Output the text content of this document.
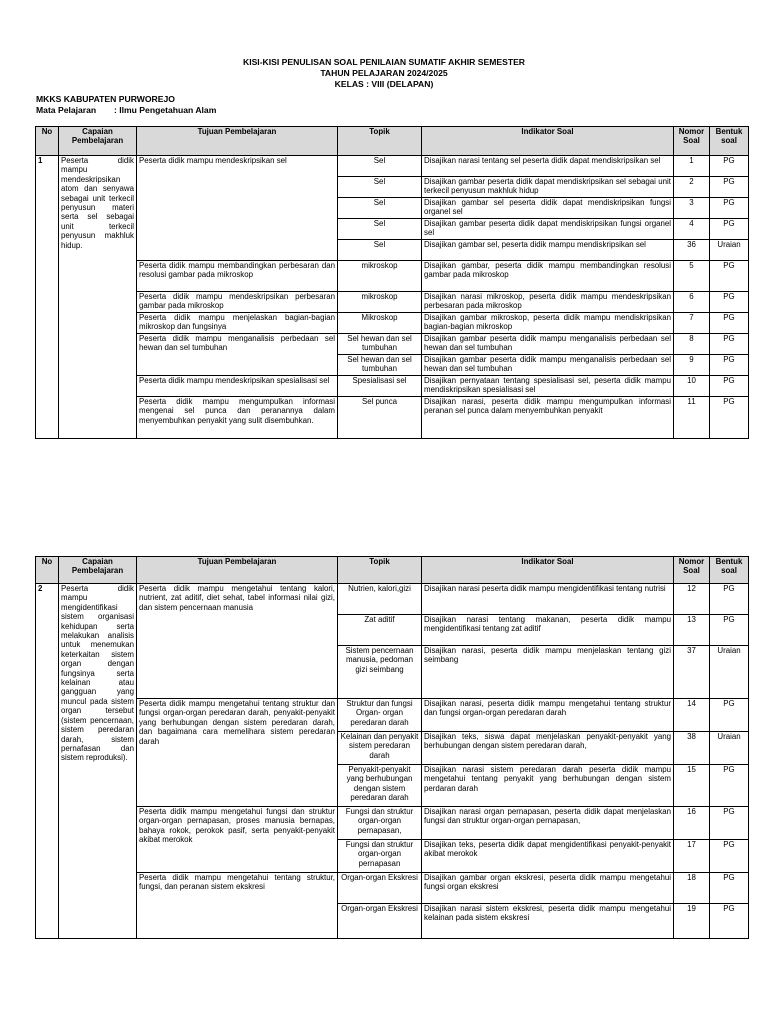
KISI-KISI PENULISAN SOAL PENILAIAN SUMATIF AKHIR SEMESTER
TAHUN PELAJARAN 2024/2025
KELAS : VIII (DELAPAN)
MKKS KABUPATEN PURWOREJO
Mata Pelajaran : Ilmu Pengetahuan Alam
No	Capaian Pembelajaran	Tujuan Pembelajaran	Topik	Indikator Soal	Nomor Soal	Bentuk soal
1	Peserta didik mampu mendeskripsikan atom dan senyawa sebagai unit terkecil penyusun materi serta sel sebagai unit terkecil penyusun makhluk hidup.	Peserta didik mampu mendeskripsikan sel	Sel	Disajikan narasi tentang sel peserta didik dapat mendiskripsikan sel	1	PG
			Sel	Disajikan gambar peserta didik dapat mendiskripsikan sel sebagai unit terkecil penyusun makhluk hidup	2	PG
			Sel	Disajikan gambar sel peserta didik dapat mendiskripsikan fungsi organel sel	3	PG
			Sel	Disajikan gambar peserta didik dapat mendiskripsikan fungsi organel sel	4	PG
			Sel	Disajikan gambar sel, peserta didik mampu mendiskripsikan sel	36	Uraian
		Peserta didik mampu membandingkan perbesaran dan resolusi gambar pada mikroskop	mikroskop	Disajikan gambar, peserta didik mampu membandingkan resolusi gambar pada mikroskop	5	PG
		Peserta didik mampu mendeskripsikan perbesaran gambar pada mikroskop	mikroskop	Disajikan narasi mikroskop, peserta didik mampu mendeskripsikan perbesaran pada mikroskop	6	PG
		Peserta didik mampu menjelaskan bagian-bagian mikroskop dan fungsinya	Mikroskop	Disajikan gambar mikroskop, peserta didik mampu mendiskripsikan bagian-bagian mikroskop	7	PG
		Peserta didik mampu menganalisis perbedaan sel hewan dan sel tumbuhan	Sel hewan dan sel tumbuhan	Disajikan gambar peserta didik mampu menganalisis perbedaan sel hewan dan sel tumbuhan	8	PG
			Sel hewan dan sel tumbuhan	Disajikan gambar peserta didik mampu menganalisis perbedaan sel hewan dan sel tumbuhan	9	PG
		Peserta didik mampu mendeskripsikan spesialisasi sel	Spesialisasi sel	Disajikan pernyataan tentang spesialisasi sel, peserta didik mampu mendiskripsikan spesialisasi sel	10	PG
		Peserta didik mampu mengumpulkan informasi mengenai sel punca dan peranannya dalam menyembuhkan penyakit yang sulit disembuhkan.	Sel punca	Disajikan narasi, peserta didik mampu mengumpulkan informasi peranan sel punca dalam menyembuhkan penyakit	11	PG
No	Capaian Pembelajaran	Tujuan Pembelajaran	Topik	Indikator Soal	Nomor Soal	Bentuk soal
2	Peserta didik mampu mengidentifikasi sistem organisasi kehidupan serta melakukan analisis untuk menemukan keterkaitan sistem organ dengan fungsinya serta kelainan atau gangguan yang muncul pada sistem organ tersebut (sistem pencernaan, sistem peredaran darah, sistem pernafasan dan sistem reproduksi).	Peserta didik mampu mengetahui tentang kalori, nutrient, zat aditif, diet sehat, tabel informasi nilai gizi, dan sistem pencernaan manusia	Nutrien, kalori,gizi	Disajikan narasi peserta didik mampu mengidentifikasi tentang nutrisi	12	PG
			Zat aditif	Disajikan narasi tentang makanan, peserta didik mampu mengidentifikasi tentang zat aditif	13	PG
			Sistem pencernaan manusia, pedoman gizi seimbang	Disajikan narasi, peserta didik mampu menjelaskan tentang gizi seimbang	37	Uraian
		Peserta didik mampu mengetahui tentang struktur dan fungsi organ-organ peredaran darah, penyakit-penyakit yang berhubungan dengan sistem peredaran darah, dan bagaimana cara memelihara sistem peredaran darah	Struktur dan fungsi Organ- organ peredaran darah	Disajikan narasi, peserta didik mampu mengetahui tentang struktur dan fungsi organ-organ peredaran darah	14	PG
			Kelainan dan penyakit sistem peredaran darah	Disajikan teks, siswa dapat menjelaskan penyakit-penyakit yang berhubungan dengan sistem peredaran darah,	38	Uraian
			Penyakit-penyakit yang berhubungan dengan sistem peredaran darah	Disajikan narasi sistem peredaran darah peserta didik mampu mengetahui tentang penyakit yang berhubungan dengan sistem perdaran darah	15	PG
		Peserta didik mampu mengetahui fungsi dan struktur organ-organ pernapasan, proses manusia bernapas, bahaya rokok, perokok pasif, serta penyakit-penyakit akibat merokok	Fungsi dan struktur organ-organ pernapasan,	Disajikan narasi organ pernapasan, peserta didik dapat menjelaskan fungsi dan struktur organ-organ pernapasan,	16	PG
			Fungsi dan struktur organ-organ pernapasan	Disajikan teks, peserta didik dapat mengidentifikasi penyakit-penyakit akibat merokok	17	PG
		Peserta didik mampu mengetahui tentang struktur, fungsi, dan peranan sistem ekskresi	Organ-organ Ekskresi	Disajikan gambar organ ekskresi, peserta didik mampu mengetahui fungsi organ ekskresi	18	PG
			Organ-organ Ekskresi	Disajikan narasi sistem ekskresi, peserta didik mampu mengetahui kelainan pada sistem ekskresi	19	PG
